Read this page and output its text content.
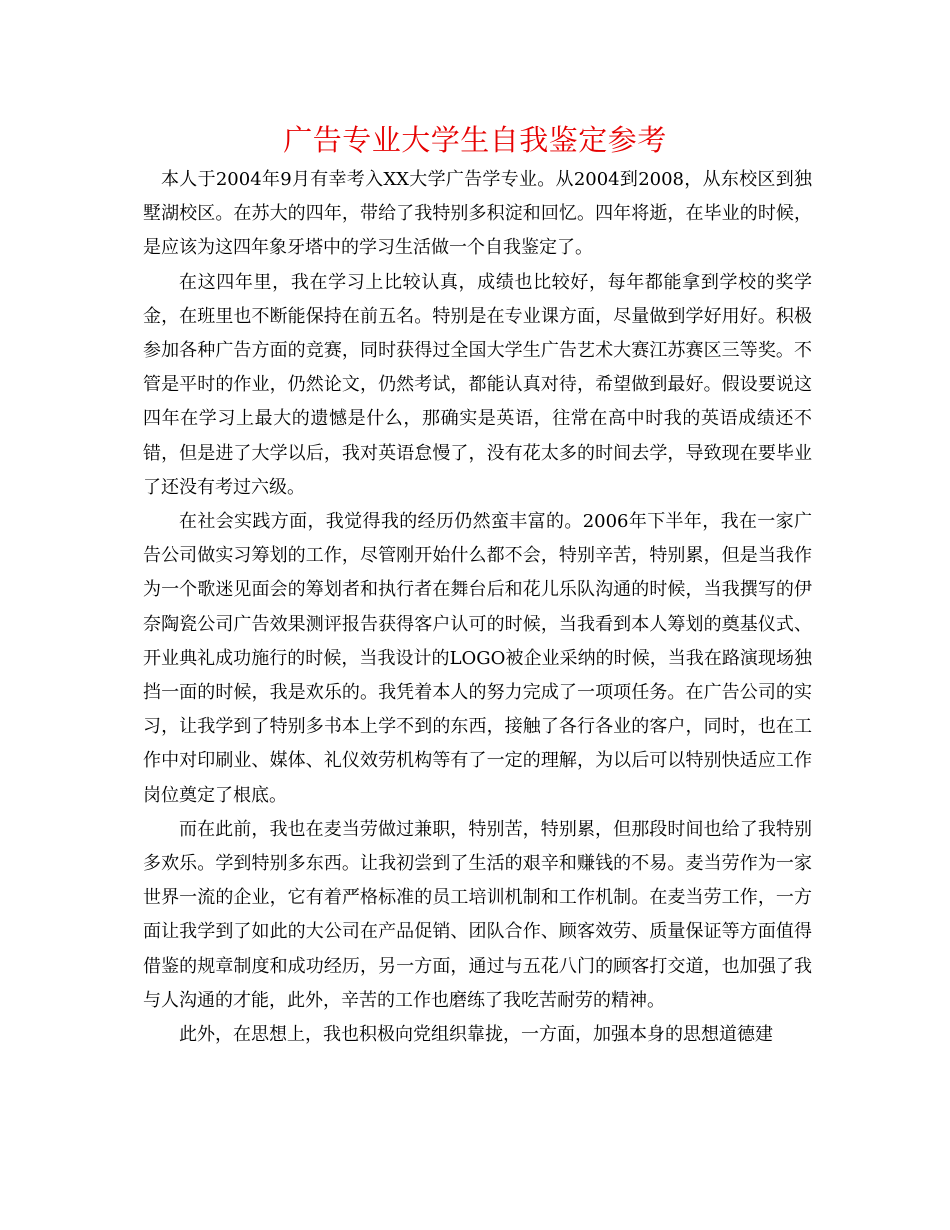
广告专业大学生自我鉴定参考

本人于2004年9月有幸考入XX大学广告学专业。从2004到2008，从东校区到独墅湖校区。在苏大的四年，带给了我特别多积淀和回忆。四年将逝，在毕业的时候，是应该为这四年象牙塔中的学习生活做一个自我鉴定了。

在这四年里，我在学习上比较认真，成绩也比较好，每年都能拿到学校的奖学金，在班里也不断能保持在前五名。特别是在专业课方面，尽量做到学好用好。积极参加各种广告方面的竞赛，同时获得过全国大学生广告艺术大赛江苏赛区三等奖。不管是平时的作业，仍然论文，仍然考试，都能认真对待，希望做到最好。假设要说这四年在学习上最大的遗憾是什么，那确实是英语，往常在高中时我的英语成绩还不错，但是进了大学以后，我对英语怠慢了，没有花太多的时间去学，导致现在要毕业了还没有考过六级。

在社会实践方面，我觉得我的经历仍然蛮丰富的。2006年下半年，我在一家广告公司做实习筹划的工作，尽管刚开始什么都不会，特别辛苦，特别累，但是当我作为一个歌迷见面会的筹划者和执行者在舞台后和花儿乐队沟通的时候，当我撰写的伊奈陶瓷公司广告效果测评报告获得客户认可的时候，当我看到本人筹划的奠基仪式、开业典礼成功施行的时候，当我设计的LOGO被企业采纳的时候，当我在路演现场独挡一面的时候，我是欢乐的。我凭着本人的努力完成了一项项任务。在广告公司的实习，让我学到了特别多书本上学不到的东西，接触了各行各业的客户，同时，也在工作中对印刷业、媒体、礼仪效劳机构等有了一定的理解，为以后可以特别快适应工作岗位奠定了根底。

而在此前，我也在麦当劳做过兼职，特别苦，特别累，但那段时间也给了我特别多欢乐。学到特别多东西。让我初尝到了生活的艰辛和赚钱的不易。麦当劳作为一家世界一流的企业，它有着严格标准的员工培训机制和工作机制。在麦当劳工作，一方面让我学到了如此的大公司在产品促销、团队合作、顾客效劳、质量保证等方面值得借鉴的规章制度和成功经历，另一方面，通过与五花八门的顾客打交道，也加强了我与人沟通的才能，此外，辛苦的工作也磨练了我吃苦耐劳的精神。

此外，在思想上，我也积极向党组织靠拢，一方面，加强本身的思想道德建
